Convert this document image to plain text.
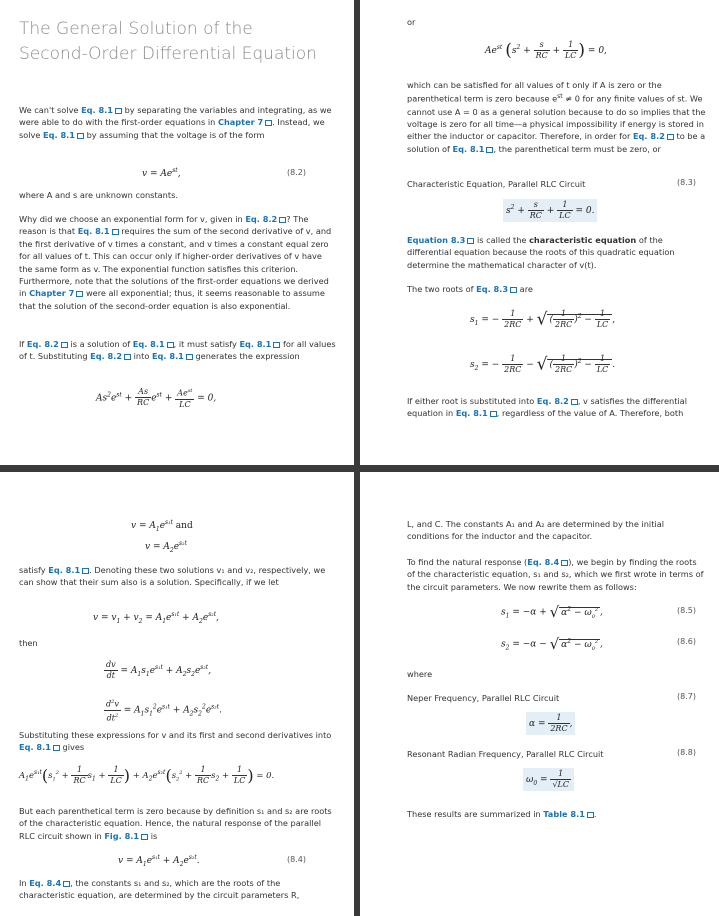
The General Solution of the Second-Order Differential Equation
We can't solve Eq. 8.1 by separating the variables and integrating, as we were able to do with the first-order equations in Chapter 7 . Instead, we solve Eq. 8.1 by assuming that the voltage is of the form
$v = Ae^{st}$,	(8.2)
where A and s are unknown constants.
Why did we choose an exponential form for v, given in Eq. 8.2 ? The reason is that Eq. 8.1 requires the sum of the second derivative of v, and the first derivative of v times a constant, and v times a constant equal zero for all values of t. This can occur only if higher-order derivatives of v have the same form as v. The exponential function satisfies this criterion. Furthermore, note that the solutions of the first-order equations we derived in Chapter 7 were all exponential; thus, it seems reasonable to assume that the solution of the second-order equation is also exponential.
If Eq. 8.2 is a solution of Eq. 8.1 , it must satisfy Eq. 8.1 for all values of t. Substituting Eq. 8.2 into Eq. 8.1 generates the expression
$As^2e^{st} + \frac{As}{RC} e^{st} + \frac{Ae^{st}}{LC} = 0$,
or
$Ae^{st}$ ($s^2 + \frac{s}{RC} + \frac{1}{LC}$ ) = 0,
which can be satisfied for all values of t only if A is zero or the parenthetical term is zero because $e^{st} \ne 0$ for any finite values of st. We cannot use A = 0 as a general solution because to do so implies that the voltage is zero for all time—a physical impossibility if energy is stored in either the inductor or capacitor. Therefore, in order for Eq. 8.2 to be a solution of Eq. 8.1 , the parenthetical term must be zero, or
Characteristic Equation, Parallel RLC Circuit	(8.3)
$s^2 + \frac{s}{RC} + \frac{1}{LC} = 0$.
Equation 8.3 is called the characteristic equation of the differential equation because the roots of this quadratic equation determine the mathematical character of v(t).
The two roots of Eq. 8.3 are
$s_1$ = − $\frac{1}{2RC}$ + √ ( $\frac{1}{2RC} )^2 - \frac{1}{LC}$ ,
$s_2$ = − $\frac{1}{2RC}$ − √ ( $\frac{1}{2RC} )^2 - \frac{1}{LC}$ .
If either root is substituted into Eq. 8.2 , v satisfies the differential equation in Eq. 8.1 , regardless of the value of A. Therefore, both
$v = A_1e^{s_1t}$ and
$v = A_2e^{s_2t}$
satisfy Eq. 8.1 . Denoting these two solutions v₁ and v₂, respectively, we can show that their sum also is a solution. Specifically, if we let
$v = v_1 + v_2 = A_1e^{s_1t} + A_2e^{s_2t}$,
then
$\frac{dv}{dt} = A_1s_1e^{s_1t} + A_2s_2e^{s_2t}$,
$\frac{d^2v}{dt^2} = A_1s_1^2e^{s_1t} + A_2s_2^2e^{s_2t}$.
Substituting these expressions for v and its first and second derivatives into Eq. 8.1 gives
$A_1e^{s_1t}(s_1^2 + \frac{1}{RC} s_1 + \frac{1}{LC}$ ) + $A_2e^{s_2t}(s_2^2 + \frac{1}{RC} s_2 + \frac{1}{LC}$ ) = 0.
But each parenthetical term is zero because by definition s₁ and s₂ are roots of the characteristic equation. Hence, the natural response of the parallel RLC circuit shown in Fig. 8.1 is
$v = A_1e^{s_1t} + A_2e^{s_2t}$.	(8.4)
In Eq. 8.4 , the constants s₁ and s₂, which are the roots of the characteristic equation, are determined by the circuit parameters R,
L, and C. The constants A₁ and A₂ are determined by the initial conditions for the inductor and the capacitor.
To find the natural response (Eq. 8.4 ), we begin by finding the roots of the characteristic equation, s₁ and s₂, which we first wrote in terms of the circuit parameters. We now rewrite them as follows:
$s_1 = -\alpha$ + √ $\alpha^2 - \omega_0^2$ ,	(8.5)
$s_2 = -\alpha$ − √ $\alpha^2 - \omega_0^2$ ,	(8.6)
where
Neper Frequency, Parallel RLC Circuit	(8.7)
$\alpha = \frac{1}{2RC}$ ,
Resonant Radian Frequency, Parallel RLC Circuit	(8.8)
$\omega_0 = \frac{1}{√LC}$
These results are summarized in Table 8.1 .
